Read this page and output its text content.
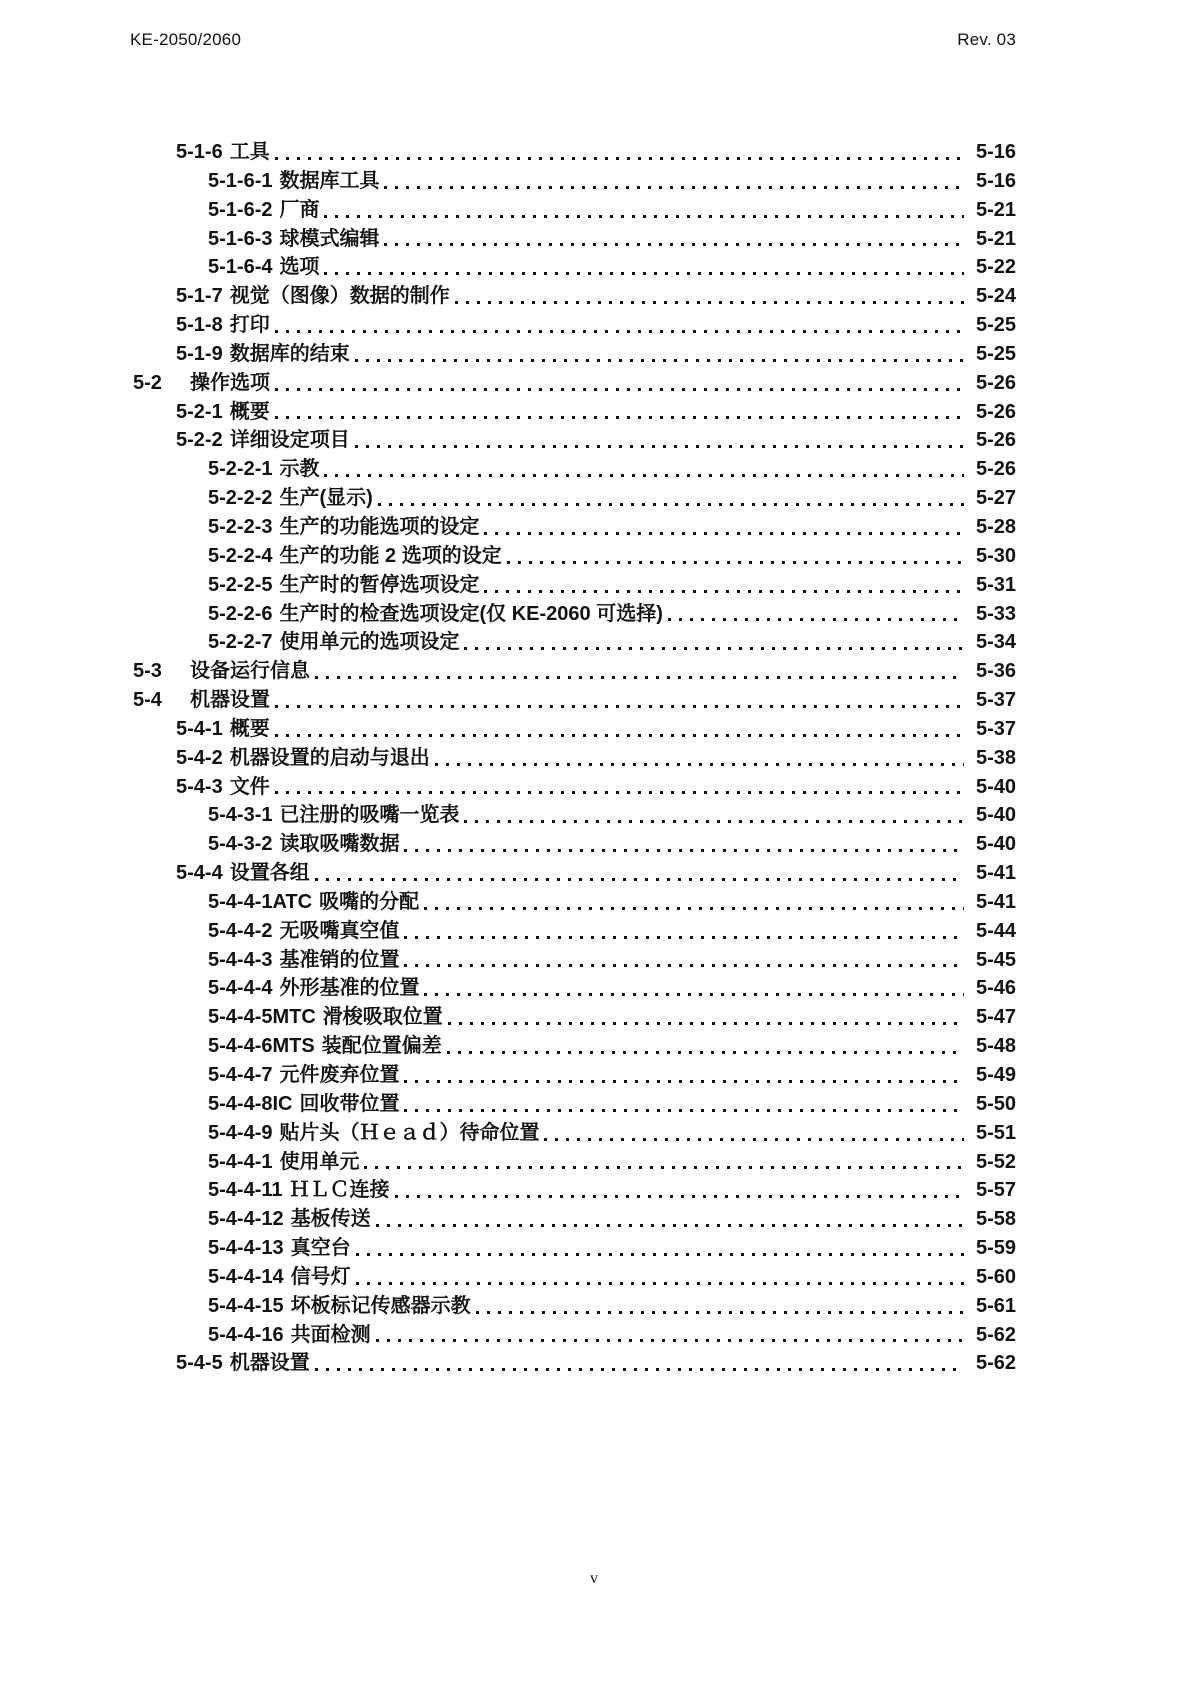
KE-2050/2060	Rev. 03
5-1-6 工具	5-16
5-1-6-1 数据库工具	5-16
5-1-6-2 厂商	5-21
5-1-6-3 球模式编辑	5-21
5-1-6-4 选项	5-22
5-1-7 视觉（图像）数据的制作	5-24
5-1-8 打印	5-25
5-1-9 数据库的结束	5-25
5-2	操作选项	5-26
5-2-1 概要	5-26
5-2-2 详细设定项目	5-26
5-2-2-1 示教	5-26
5-2-2-2 生产(显示)	5-27
5-2-2-3 生产的功能选项的设定	5-28
5-2-2-4 生产的功能 2 选项的设定	5-30
5-2-2-5 生产时的暂停选项设定	5-31
5-2-2-6 生产时的检查选项设定(仅 KE-2060 可选择)	5-33
5-2-2-7 使用单元的选项设定	5-34
5-3	设备运行信息	5-36
5-4	机器设置	5-37
5-4-1 概要	5-37
5-4-2 机器设置的启动与退出	5-38
5-4-3 文件	5-40
5-4-3-1 已注册的吸嘴一览表	5-40
5-4-3-2 读取吸嘴数据	5-40
5-4-4 设置各组	5-41
5-4-4-1ATC 吸嘴的分配	5-41
5-4-4-2 无吸嘴真空值	5-44
5-4-4-3 基准销的位置	5-45
5-4-4-4 外形基准的位置	5-46
5-4-4-5MTC 滑梭吸取位置	5-47
5-4-4-6MTS 装配位置偏差	5-48
5-4-4-7 元件废弃位置	5-49
5-4-4-8IC 回收带位置	5-50
5-4-4-9 贴片头（Ｈｅａｄ）待命位置	5-51
5-4-4-1 使用单元	5-52
5-4-4-11 ＨＬＣ连接	5-57
5-4-4-12 基板传送	5-58
5-4-4-13 真空台	5-59
5-4-4-14 信号灯	5-60
5-4-4-15 坏板标记传感器示教	5-61
5-4-4-16 共面检测	5-62
5-4-5 机器设置	5-62
v
